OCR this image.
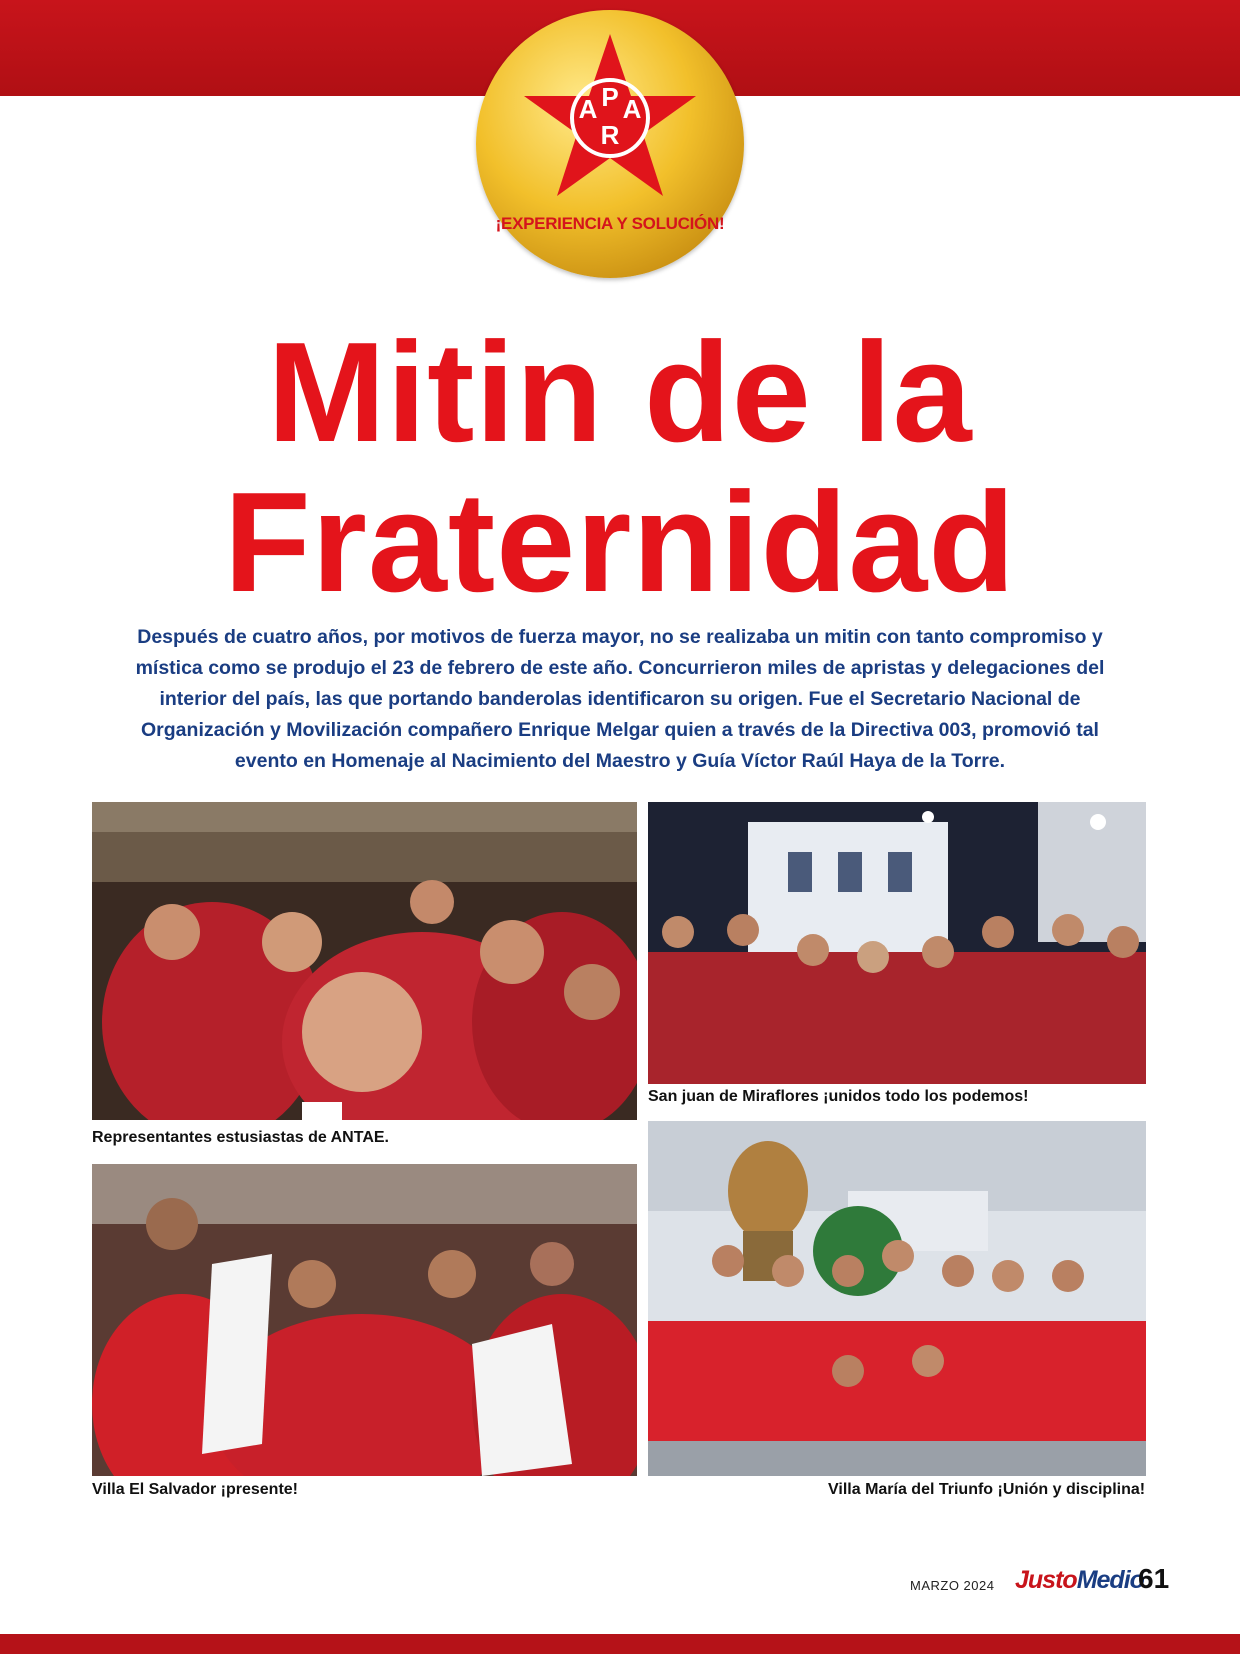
A P
R
A
¡EXPERIENCIA Y SOLUCIÓN!
Mitin de la
Fraternidad

Después de cuatro años, por motivos de fuerza mayor, no se realizaba un mitin con tanto compromiso y mística como se produjo el 23 de febrero de este año. Concurrieron miles de apristas y delegaciones del interior del país, las que portando banderolas identificaron su origen. Fue el Secretario Nacional de Organización y Movilización compañero Enrique Melgar quien a través de la Directiva 003, promovió tal evento en Homenaje al Nacimiento del Maestro y Guía Víctor Raúl Haya de la Torre.

Representantes estusiastas de ANTAE.
San juan de Miraflores ¡unidos todo los podemos!
Villa El Salvador ¡presente!	Villa María del Triunfo ¡Unión y disciplina!
MARZO 2024 JustoMedio
61
